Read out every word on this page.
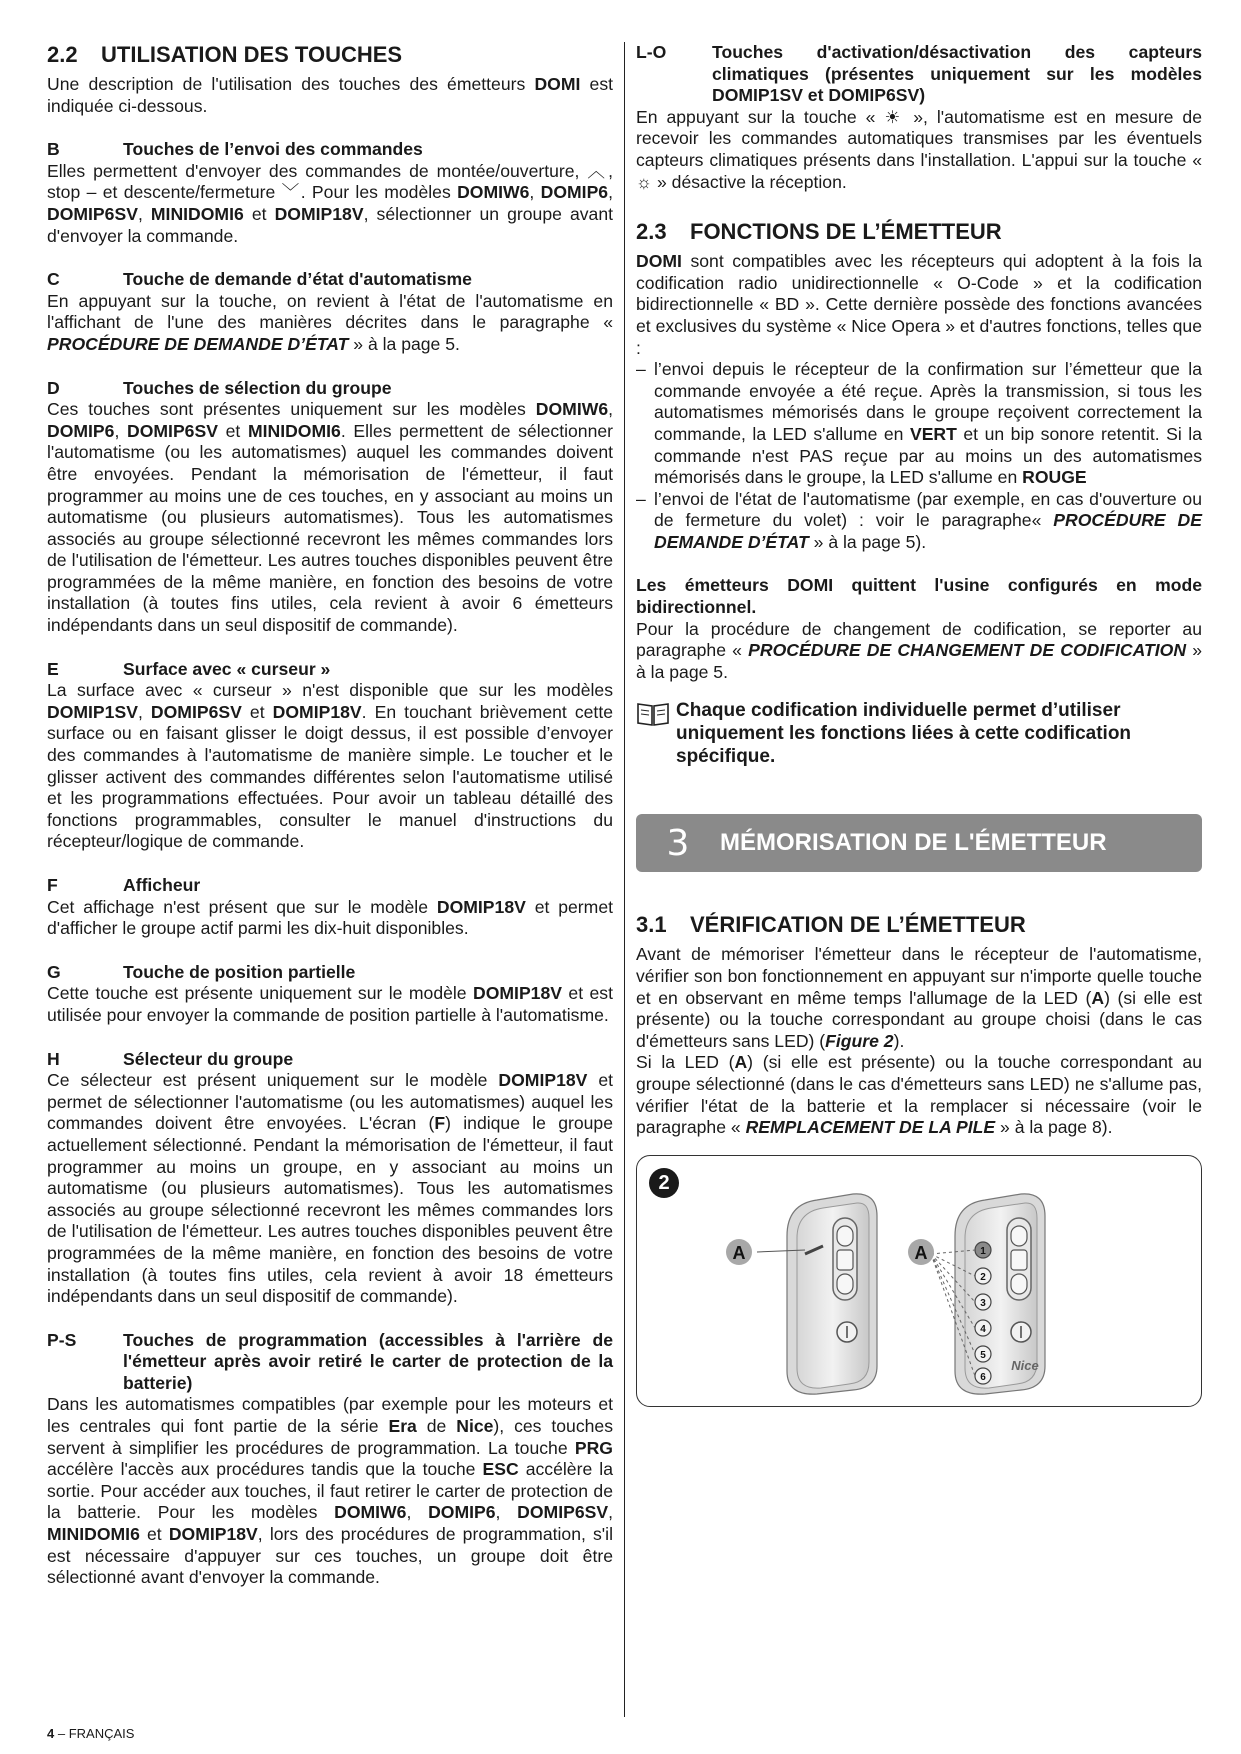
2.2 UTILISATION DES TOUCHES

Une description de l'utilisation des touches des émetteurs DOMI est indiquée ci-dessous.

B	Touches de l’envoi des commandes

Elles permettent d'envoyer des commandes de montée/ouverture, ︿, stop – et descente/fermeture ﹀. Pour les modèles DOMIW6, DOMIP6, DOMIP6SV, MINIDOMI6 et DOMIP18V, sélectionner un groupe avant d'envoyer la commande.

C	Touche de demande d’état d'automatisme

En appuyant sur la touche, on revient à l'état de l'automatisme en l'affichant de l'une des manières décrites dans le paragraphe « PROCÉDURE DE DEMANDE D’ÉTAT » à la page 5.

D	Touches de sélection du groupe

Ces touches sont présentes uniquement sur les modèles DOMIW6, DOMIP6, DOMIP6SV et MINIDOMI6. Elles permettent de sélectionner l'automatisme (ou les automatismes) auquel les commandes doivent être envoyées. Pendant la mémorisation de l'émetteur, il faut programmer au moins une de ces touches, en y associant au moins un automatisme (ou plusieurs automatismes). Tous les automatismes associés au groupe sélectionné recevront les mêmes commandes lors de l'utilisation de l'émetteur. Les autres touches disponibles peuvent être programmées de la même manière, en fonction des besoins de votre installation (à toutes fins utiles, cela revient à avoir 6 émetteurs indépendants dans un seul dispositif de commande).

E	Surface avec « curseur »

La surface avec « curseur » n'est disponible que sur les modèles DOMIP1SV, DOMIP6SV et DOMIP18V. En touchant brièvement cette surface ou en faisant glisser le doigt dessus, il est possible d’envoyer des commandes à l'automatisme de manière simple. Le toucher et le glisser activent des commandes différentes selon l'automatisme utilisé et les programmations effectuées. Pour avoir un tableau détaillé des fonctions programmables, consulter le manuel d'instructions du récepteur/logique de commande.

F	Afficheur

Cet affichage n'est présent que sur le modèle DOMIP18V et permet d'afficher le groupe actif parmi les dix-huit disponibles.

G	Touche de position partielle

Cette touche est présente uniquement sur le modèle DOMIP18V et est utilisée pour envoyer la commande de position partielle à l'automatisme.

H	Sélecteur du groupe

Ce sélecteur est présent uniquement sur le modèle DOMIP18V et permet de sélectionner l'automatisme (ou les automatismes) auquel les commandes doivent être envoyées. L'écran (F) indique le groupe actuellement sélectionné. Pendant la mémorisation de l'émetteur, il faut programmer au moins un groupe, en y associant au moins un automatisme (ou plusieurs automatismes). Tous les automatismes associés au groupe sélectionné recevront les mêmes commandes lors de l'utilisation de l'émetteur. Les autres touches disponibles peuvent être programmées de la même manière, en fonction des besoins de votre installation (à toutes fins utiles, cela revient à avoir 18 émetteurs indépendants dans un seul dispositif de commande).

P-S	Touches de programmation (accessibles à l'arrière de l'émetteur après avoir retiré le carter de protection de la batterie)

Dans les automatismes compatibles (par exemple pour les moteurs et les centrales qui font partie de la série Era de Nice), ces touches servent à simplifier les procédures de programmation. La touche PRG accélère l'accès aux procédures tandis que la touche ESC accélère la sortie. Pour accéder aux touches, il faut retirer le carter de protection de la batterie. Pour les modèles DOMIW6, DOMIP6, DOMIP6SV, MINIDOMI6 et DOMIP18V, lors des procédures de programmation, s'il est nécessaire d'appuyer sur ces touches, un groupe doit être sélectionné avant d'envoyer la commande.

L-O	Touches d'activation/désactivation des capteurs climatiques (présentes uniquement sur les modèles DOMIP1SV et DOMIP6SV)

En appuyant sur la touche « ☀ », l'automatisme est en mesure de recevoir les commandes automatiques transmises par les éventuels capteurs climatiques présents dans l'installation. L'appui sur la touche « ☼ » désactive la réception.

2.3 FONCTIONS DE L’ÉMETTEUR

DOMI sont compatibles avec les récepteurs qui adoptent à la fois la codification radio unidirectionnelle « O-Code » et la codification bidirectionnelle « BD ». Cette dernière possède des fonctions avancées et exclusives du système « Nice Opera » et d'autres fonctions, telles que :

– l’envoi depuis le récepteur de la confirmation sur l’émetteur que la commande envoyée a été reçue. Après la transmission, si tous les automatismes mémorisés dans le groupe reçoivent correctement la commande, la LED s'allume en VERT et un bip sonore retentit. Si la commande n'est PAS reçue par au moins un des automatismes mémorisés dans le groupe, la LED s'allume en ROUGE
– l’envoi de l'état de l'automatisme (par exemple, en cas d'ouverture ou de fermeture du volet) : voir le paragraphe« PROCÉDURE DE DEMANDE D’ÉTAT » à la page 5).

Les émetteurs DOMI quittent l'usine configurés en mode bidirectionnel.
Pour la procédure de changement de codification, se reporter au paragraphe « PROCÉDURE DE CHANGEMENT DE CODIFICATION » à la page 5.

Chaque codification individuelle permet d’utiliser uniquement les fonctions liées à cette codification spécifique.
3	MÉMORISATION DE L'ÉMETTEUR
3.1 VÉRIFICATION DE L’ÉMETTEUR

Avant de mémoriser l'émetteur dans le récepteur de l'automatisme, vérifier son bon fonctionnement en appuyant sur n'importe quelle touche et en observant en même temps l'allumage de la LED (A) (si elle est présente) ou la touche correspondant au groupe choisi (dans le cas d'émetteurs sans LED) (Figure 2).
Si la LED (A) (si elle est présente) ou la touche correspondant au groupe sélectionné (dans le cas d'émetteurs sans LED) ne s'allume pas, vérifier l'état de la batterie et la remplacer si nécessaire (voir le paragraphe « REMPLACEMENT DE LA PILE » à la page 8).

2
A	A	1
2
3
4
5
6
Nice
4 – FRANÇAIS
